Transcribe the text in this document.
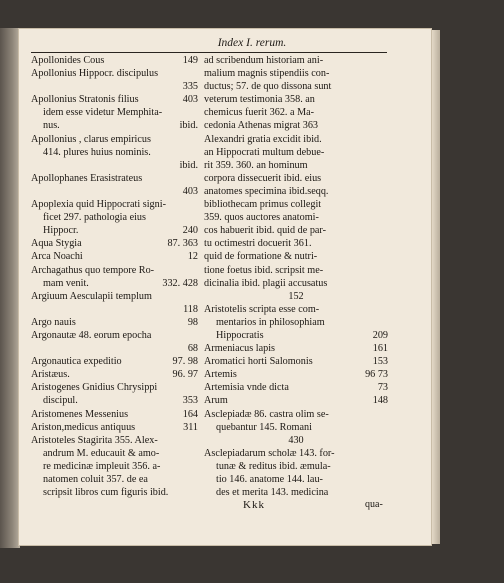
Index I. rerum.
Apollonides Cous	149
Apollonius Hippocr. discipulus
335
Apollonius Stratonis filius	403
idem esse videtur Memphita-
nus.	ibid.
Apollonius , clarus empiricus
414. plures huius nominis.
ibid.
Apollophanes Erasistrateus
403
Apoplexia quid Hippocrati signi-
ficet 297. pathologia eius
Hippocr.	240
Aqua Stygia	87. 363
Arca Noachi	12
Archagathus quo tempore Ro-
mam venit.	332. 428
Argiuum Aesculapii templum
118
Argo nauis	98
Argonautæ 48. eorum epocha
68
Argonautica expeditio	97. 98
Aristæus.	96. 97
Aristogenes Gnidius Chrysippi
discipul.	353
Aristomenes Messenius	164
Ariston,medicus antiquus	311
Aristoteles Stagirita 355. Alex-
andrum M. educauit & amo-
re medicinæ impleuit 356. a-
natomen coluit 357. de ea
scripsit libros cum figuris ibid.
ad scribendum historiam ani-
malium magnis stipendiis con-
ductus; 57. de quo dissona sunt
veterum testimonia 358. an
chemicus fuerit 362. a Ma-
cedonia Athenas migrat 363
Alexandri gratia excidit ibid.
an Hippocrati multum debue-
rit 359. 360. an hominum
corpora dissecuerit ibid. eius
anatomes specimina ibid.seqq.
bibliothecam primus collegit
359. quos auctores anatomi-
cos habuerit ibid. quid de par-
tu octimestri docuerit 361.
quid de formatione & nutri-
tione foetus ibid. scripsit me-
dicinalia ibid. plagii accusatus
152
Aristotelis scripta esse com-
mentarios in philosophiam
Hippocratis	209
Armeniacus lapis	161
Aromatici horti Salomonis	153
Artemis	96 73
Artemisia vnde dicta	73
Arum	148
Asclepiadæ 86. castra olim se-
quebantur 145. Romani
430
Asclepiadarum scholæ 143. for-
tunæ & reditus ibid. æmula-
tio 146. anatome 144. lau-
des et merita 143. medicina
Kkk	qua-
